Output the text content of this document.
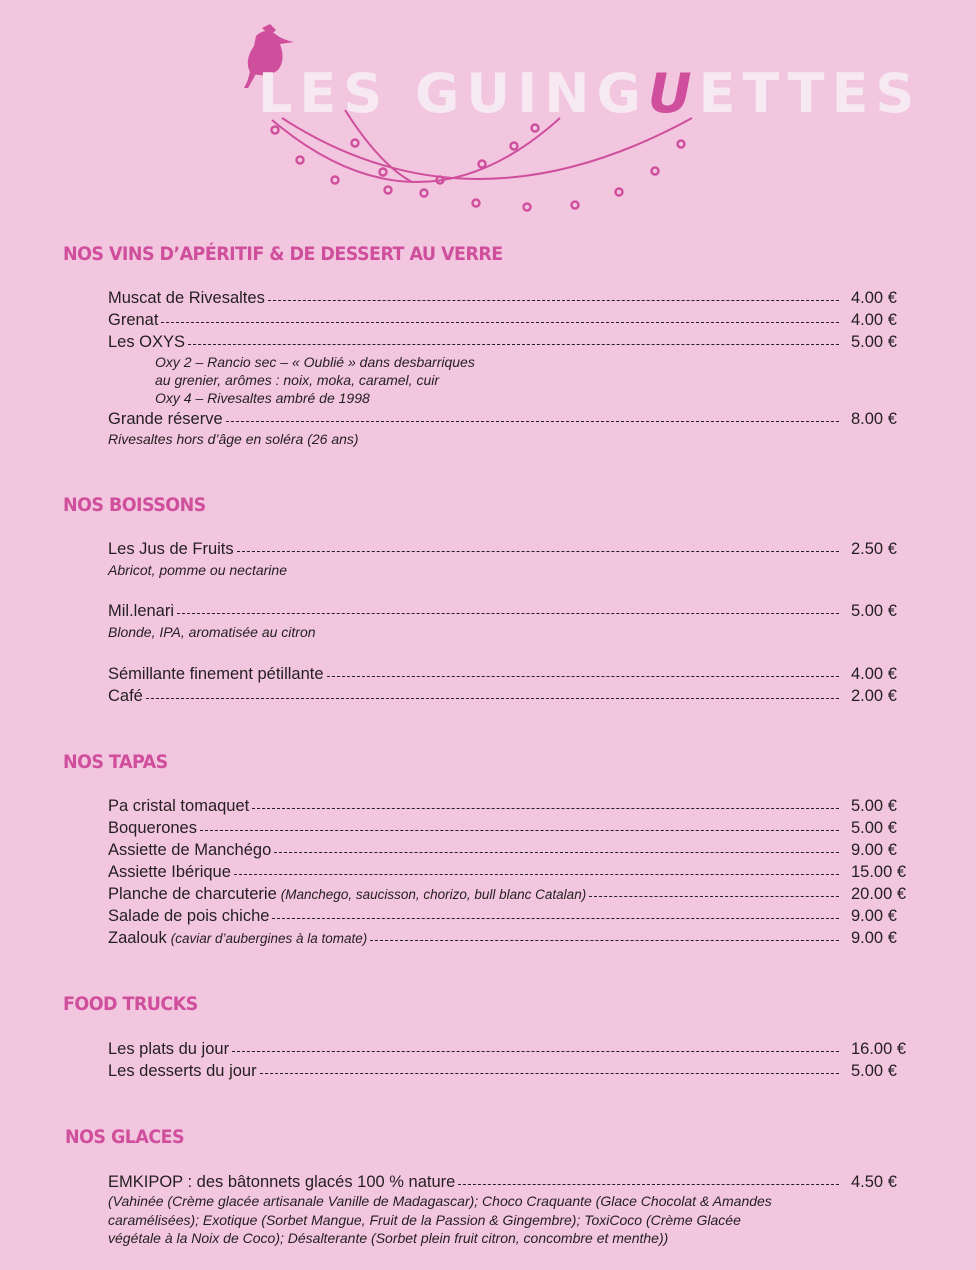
LES GUINGUETTES
NOS VINS D’APÉRITIF & DE DESSERT AU VERRE
Muscat de Rivesaltes	4.00 €
Grenat	4.00 €
Les OXYS	5.00 €

Oxy 2 – Rancio sec – « Oublié » dans desbarriques

au grenier, arômes : noix, moka, caramel, cuir

Oxy 4 – Rivesaltes ambré de 1998

Grande réserve	8.00 €

Rivesaltes hors d’âge en soléra (26 ans)

NOS BOISSONS
Les Jus de Fruits	2.50 €

Abricot, pomme ou nectarine

Mil.lenari	5.00 €

Blonde, IPA, aromatisée au citron

Sémillante finement pétillante	4.00 €
Café	2.00 €
NOS TAPAS
Pa cristal tomaquet	5.00 €
Boquerones	5.00 €
Assiette de Manchégo	9.00 €
Assiette Ibérique	15.00 €
Planche de charcuterie (Manchego, saucisson, chorizo, bull blanc Catalan)	20.00 €
Salade de pois chiche	9.00 €
Zaalouk (caviar d’aubergines à la tomate)	9.00 €
FOOD TRUCKS
Les plats du jour	16.00 €
Les desserts du jour	5.00 €
NOS GLACES
EMKIPOP : des bâtonnets glacés 100 % nature	4.50 €

(Vahinée (Crème glacée artisanale Vanille de Madagascar); Choco Craquante (Glace Chocolat & Amandes

caramélisées); Exotique (Sorbet Mangue, Fruit de la Passion & Gingembre); ToxiCoco (Crème Glacée

végétale à la Noix de Coco); Désalterante (Sorbet plein fruit citron, concombre et menthe))
